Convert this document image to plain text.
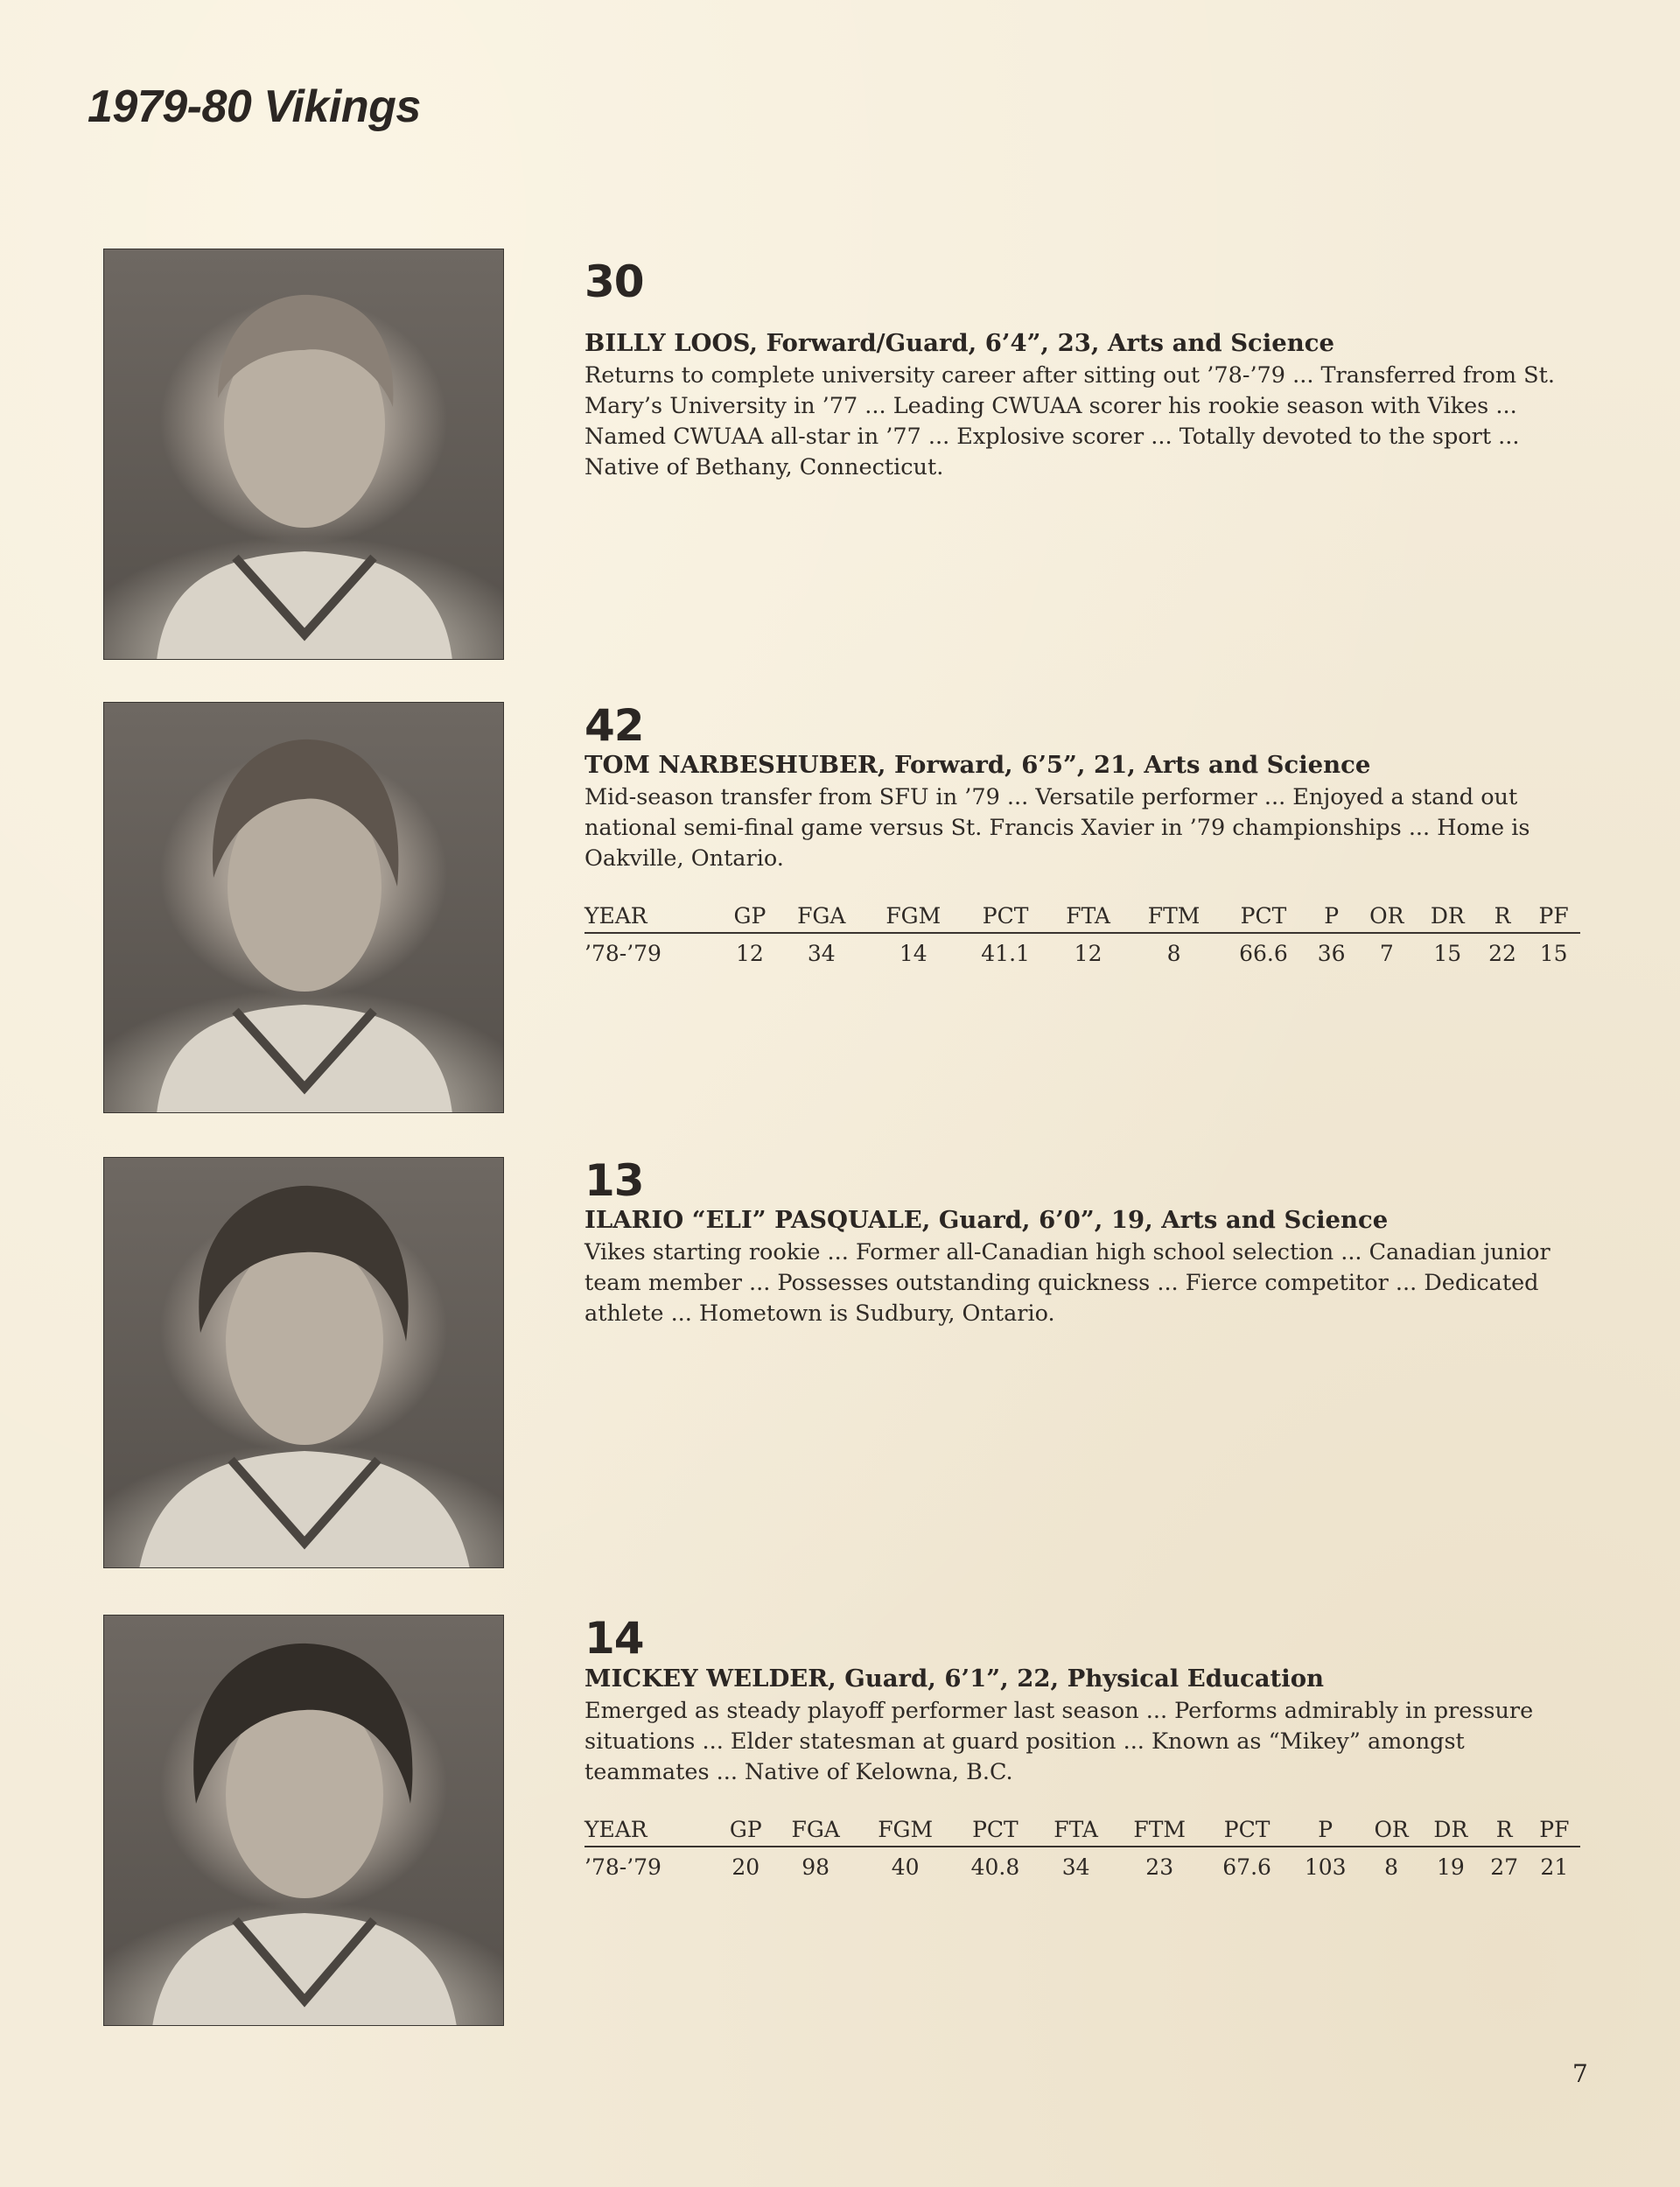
1979-80 Vikings
30
BILLY LOOS, Forward/Guard, 6’4”, 23, Arts and Science

Returns to complete university career after sitting out ’78-’79 ... Transferred from St. Mary’s University in ’77 ... Leading CWUAA scorer his rookie season with Vikes ... Named CWUAA all-star in ’77 ... Explosive scorer ... Totally devoted to the sport ... Native of Bethany, Connecticut.

42
TOM NARBESHUBER, Forward, 6’5”, 21, Arts and Science

Mid-season transfer from SFU in ’79 ... Versatile performer ... Enjoyed a stand out national semi-final game versus St. Francis Xavier in ’79 championships ... Home is Oakville, Ontario.

YEAR	GP	FGA	FGM	PCT	FTA	FTM	PCT	P	OR	DR	R	PF
’78-’79	12	34	14	41.1	12	8	66.6	36	7	15	22	15
13
ILARIO “ELI” PASQUALE, Guard, 6’0”, 19, Arts and Science

Vikes starting rookie ... Former all-Canadian high school selection ... Canadian junior team member ... Possesses outstanding quickness ... Fierce competitor ... Dedicated athlete ... Hometown is Sudbury, Ontario.

14
MICKEY WELDER, Guard, 6’1”, 22, Physical Education

Emerged as steady playoff performer last season ... Performs admirably in pressure situations ... Elder statesman at guard position ... Known as “Mikey” amongst teammates ... Native of Kelowna, B.C.

YEAR	GP	FGA	FGM	PCT	FTA	FTM	PCT	P	OR	DR	R	PF
’78-’79	20	98	40	40.8	34	23	67.6	103	8	19	27	21
7
